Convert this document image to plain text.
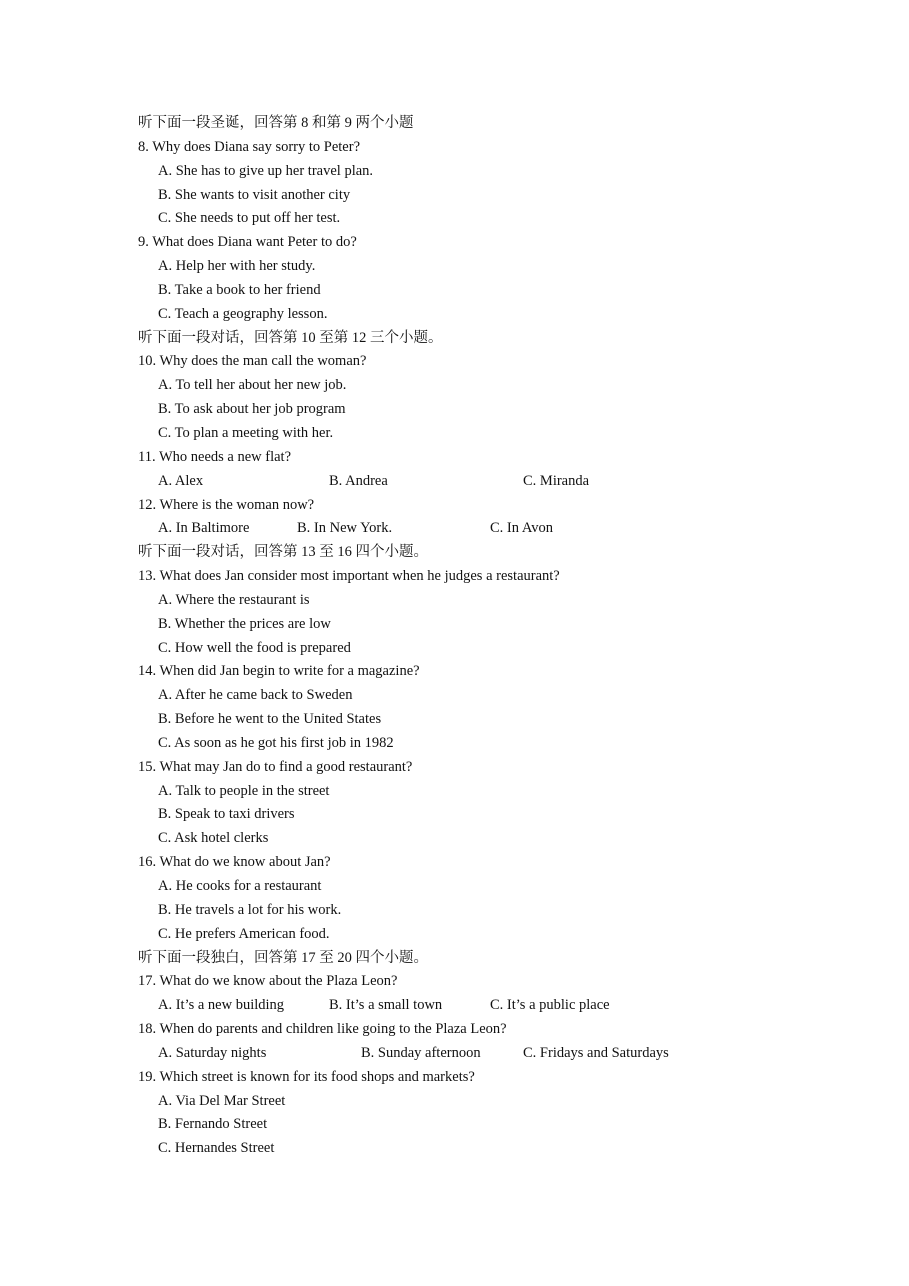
听下面一段圣诞，回答第 8 和第 9 两个小题
8. Why does Diana say sorry to Peter?
A. She has to give up her travel plan.
B. She wants to visit another city
C. She needs to put off her test.
9. What does Diana want Peter to do?
A. Help her with her study.
B. Take a book to her friend
C. Teach a geography lesson.
听下面一段对话，回答第 10 至第 12 三个小题。
10. Why does the man call the woman?
A. To tell her about her new job.
B. To ask about her job program
C. To plan a meeting with her.
11. Who needs a new flat?
A. Alex	B. Andrea	C. Miranda
12. Where is the woman now?
A. In Baltimore	B. In New York.	C. In Avon
听下面一段对话，回答第 13 至 16 四个小题。
13. What does Jan consider most important when he judges a restaurant?
A. Where the restaurant is
B. Whether the prices are low
C. How well the food is prepared
14. When did Jan begin to write for a magazine?
A. After he came back to Sweden
B. Before he went to the United States
C. As soon as he got his first job in 1982
15. What may Jan do to find a good restaurant?
A. Talk to people in the street
B. Speak to taxi drivers
C. Ask hotel clerks
16. What do we know about Jan?
A. He cooks for a restaurant
B. He travels a lot for his work.
C. He prefers American food.
听下面一段独白，回答第 17 至 20 四个小题。
17. What do we know about the Plaza Leon?
A. It’s a new building	B. It’s a small town	C. It’s a public place
18. When do parents and children like going to the Plaza Leon?
A. Saturday nights	B. Sunday afternoon	C. Fridays and Saturdays
19. Which street is known for its food shops and markets?
A. Via Del Mar Street
B. Fernando Street
C. Hernandes Street
